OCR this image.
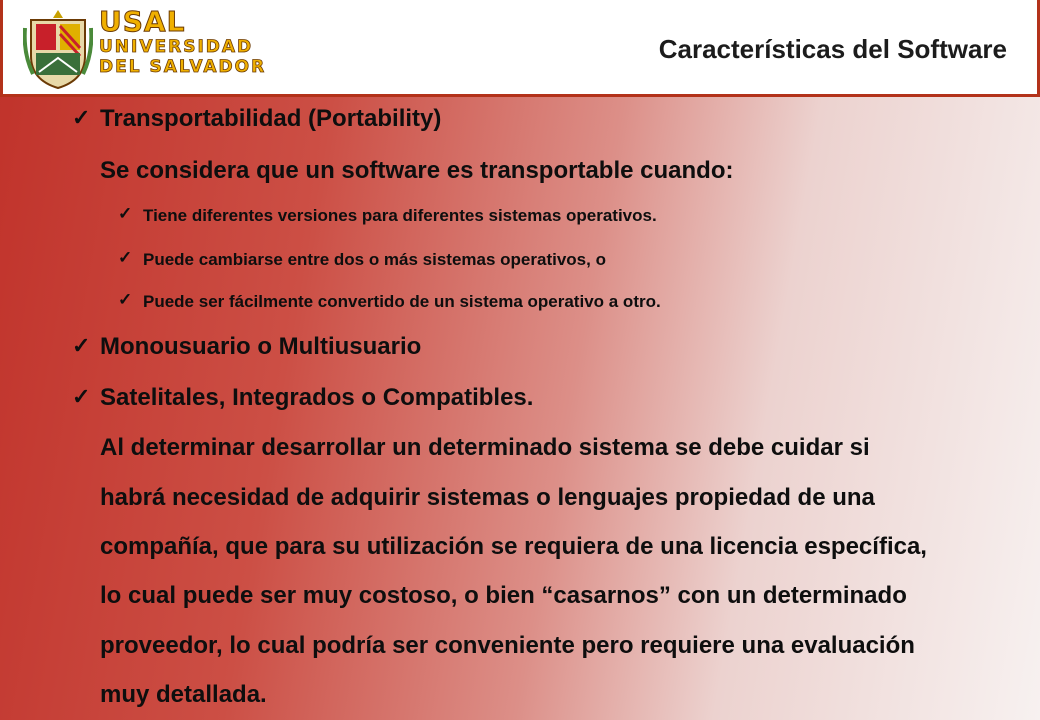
USAL
UNIVERSIDAD
DEL SALVADOR
Características del Software
✓ Transportabilidad (Portability)
Se considera que un software es transportable cuando:
✓ Tiene diferentes versiones para diferentes sistemas operativos.
✓ Puede cambiarse entre dos o más sistemas operativos, o
✓ Puede ser fácilmente convertido de un sistema operativo a otro.
✓ Monousuario o Multiusuario
✓ Satelitales, Integrados o Compatibles.
Al determinar desarrollar un determinado sistema se debe cuidar si
habrá necesidad de adquirir sistemas o lenguajes propiedad de una
compañía, que para su utilización se requiera de una licencia específica,
lo cual puede ser muy costoso, o bien “casarnos” con un determinado
proveedor, lo cual podría ser conveniente pero requiere una evaluación
muy detallada.
